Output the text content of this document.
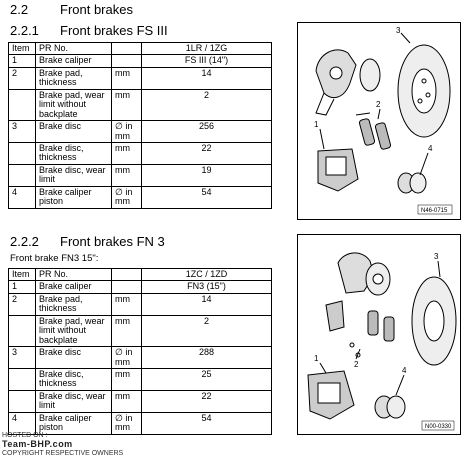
2.2 Front brakes
2.2.1 Front brakes FS III
Item	PR No.		1LR / 1ZG
1	Brake caliper		FS III (14")
2	Brake pad, thickness	mm	14
	Brake pad, wear limit without backplate	mm	2
3	Brake disc	∅ in mm	256
	Brake disc, thickness	mm	22
	Brake disc, wear limit	mm	19
4	Brake caliper piston	∅ in mm	54
3
2
1
4
N46-0715
2.2.2 Front brakes FN 3
Front brake FN3 15":
Item	PR No.		1ZC / 1ZD
1	Brake caliper		FN3 (15")
2	Brake pad, thickness	mm	14
	Brake pad, wear limit without backplate	mm	2
3	Brake disc	∅ in mm	288
	Brake disc, thickness	mm	25
	Brake disc, wear limit	mm	22
4	Brake caliper piston	∅ in mm	54
3
2
1
4
N00-0330
HOSTED ON :
Team-BHP.com
COPYRIGHT RESPECTIVE OWNERS
